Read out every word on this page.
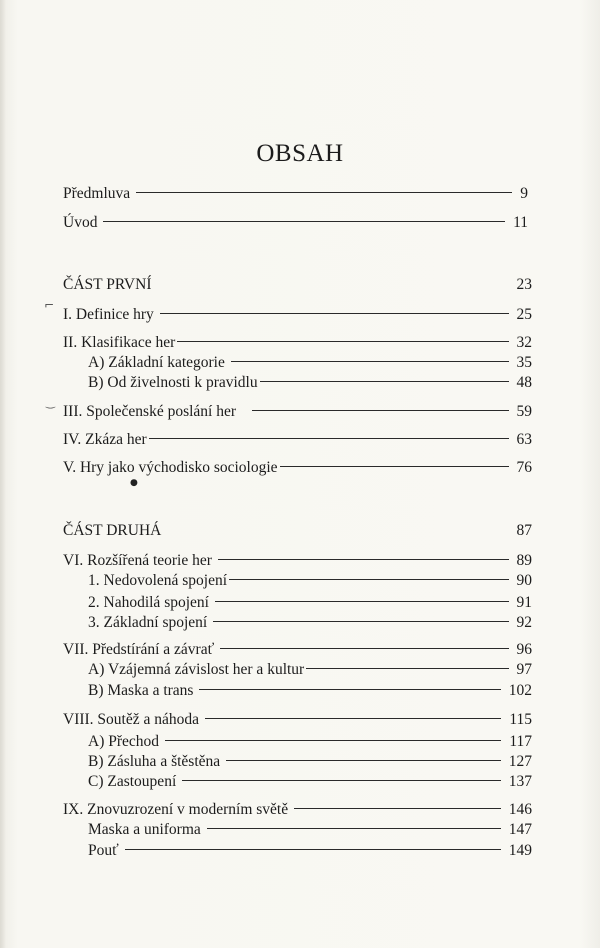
OBSAH
Předmluva	9
Úvod	11
ČÁST PRVNÍ	23
I. Definice hry	25
II. Klasifikace her	32
A) Základní kategorie	35
B) Od živelnosti k pravidlu	48
III. Společenské poslání her	59
IV. Zkáza her	63
V. Hry jako východisko sociologie	76
ČÁST DRUHÁ	87
VI. Rozšířená teorie her	89
1. Nedovolená spojení	90
2. Nahodilá spojení	91
3. Základní spojení	92
VII. Předstírání a závrať	96
A) Vzájemná závislost her a kultur	97
B) Maska a trans	102
VIII. Soutěž a náhoda	115
A) Přechod	117
B) Zásluha a štěstěna	127
C) Zastoupení	137
IX. Znovuzrození v moderním světě	146
Maska a uniforma	147
Pouť	149
⌐
‿
●
